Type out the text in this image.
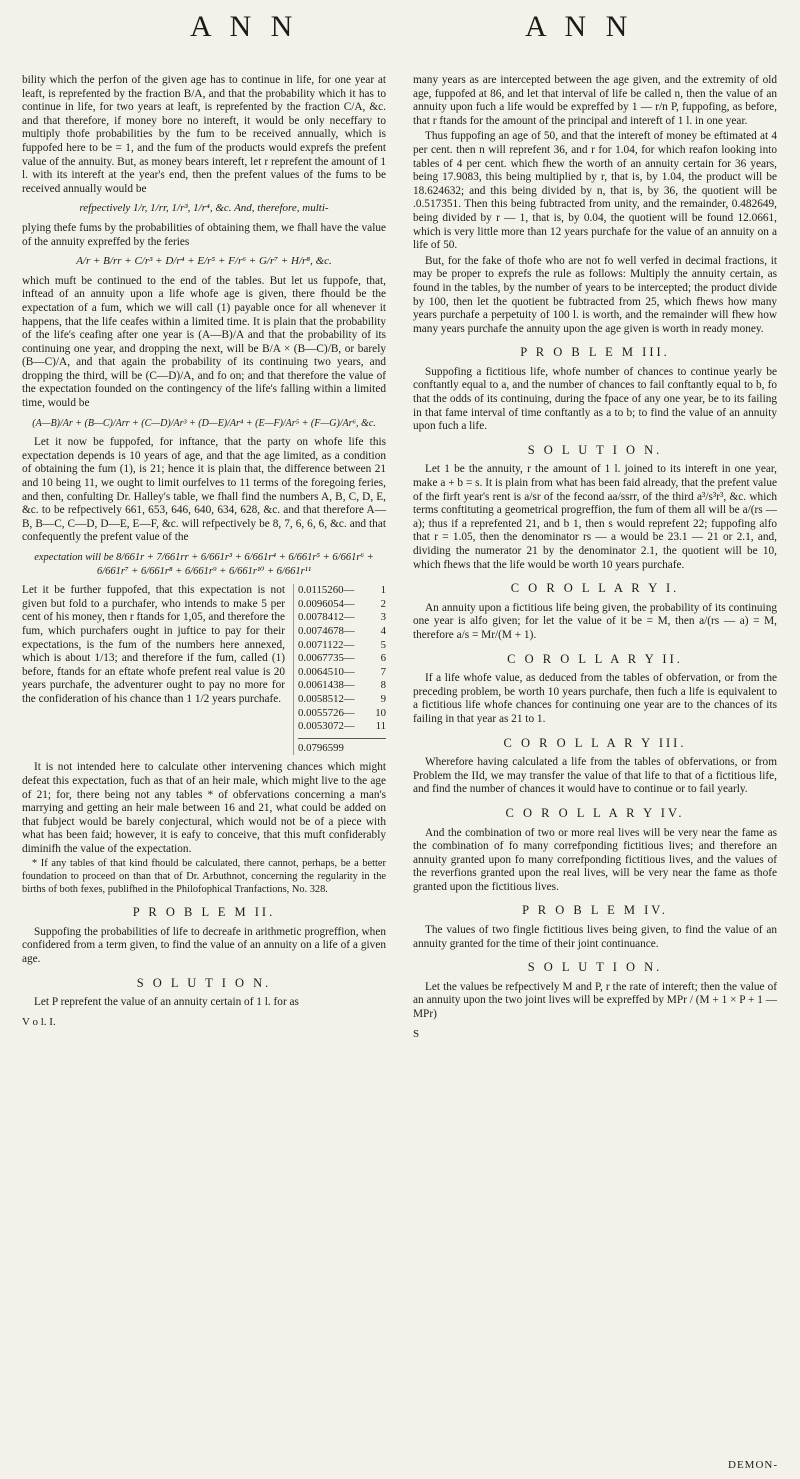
A N N	A N N

bility which the perfon of the given age has to continue in life, for one year at leaft, is reprefented by the fraction B/A, and that the probability which it has to continue in life, for two years at leaft, is reprefented by the fraction C/A, &c. and that therefore, if money bore no intereft, it would be only neceffary to multiply thofe probabilities by the fum to be received annually, which is fuppofed here to be = 1, and the fum of the products would exprefs the prefent value of the annuity. But, as money bears intereft, let r reprefent the amount of 1 l. with its intereft at the year's end, then the prefent values of the fums to be received annually would be

refpectively 1/r, 1/rr, 1/r³, 1/r⁴, &c. And, therefore, multi-

plying thefe fums by the probabilities of obtaining them, we fhall have the value of the annuity expreffed by the feries

A/r + B/rr + C/r³ + D/r⁴ + E/r⁵ + F/r⁶ + G/r⁷ + H/r⁸, &c.

which muft be continued to the end of the tables. But let us fuppofe, that, inftead of an annuity upon a life whofe age is given, there fhould be the expectation of a fum, which we will call (1) payable once for all whenever it happens, that the life ceafes within a limited time. It is plain that the probability of the life's ceafing after one year is (A—B)/A and that the probability of its continuing one year, and dropping the next, will be B/A × (B—C)/B, or barely (B—C)/A, and that again the probability of its continuing two years, and dropping the third, will be (C—D)/A, and fo on; and that therefore the value of the expectation founded on the contingency of the life's falling within a limited time, would be

(A—B)/Ar + (B—C)/Arr + (C—D)/Ar³ + (D—E)/Ar⁴ + (E—F)/Ar⁵ + (F—G)/Ar⁶, &c.

Let it now be fuppofed, for inftance, that the party on whofe life this expectation depends is 10 years of age, and that the age limited, as a condition of obtaining the fum (1), is 21; hence it is plain that, the difference between 21 and 10 being 11, we ought to limit ourfelves to 11 terms of the foregoing feries, and then, confulting Dr. Halley's table, we fhall find the numbers A, B, C, D, E, &c. to be refpectively 661, 653, 646, 640, 634, 628, &c. and that therefore A—B, B—C, C—D, D—E, E—F, &c. will refpectively be 8, 7, 6, 6, 6, &c. and that confequently the prefent value of the

expectation will be 8/661r + 7/661rr + 6/661r³ + 6/661r⁴ + 6/661r⁵ + 6/661r⁶ + 6/661r⁷ + 6/661r⁸ + 6/661r⁹ + 6/661r¹⁰ + 6/661r¹¹
Let it be further fuppofed, that this expectation is not given but fold to a purchafer, who intends to make 5 per cent of his money, then r ftands for 1,05, and therefore the fum, which purchafers ought in juftice to pay for their expectations, is the fum of the numbers here annexed, which is about 1/13; and therefore if the fum, called (1) before, ftands for an eftate whofe prefent real value is 20 years purchafe, the adventurer ought to pay no more for the confideration of his chance than 1 1/2 years purchafe.
0.0115260— 1
0.0096054— 2
0.0078412— 3
0.0074678— 4
0.0071122— 5
0.0067735— 6
0.0064510— 7
0.0061438— 8
0.0058512— 9
0.0055726— 10
0.0053072— 11
0.0796599

It is not intended here to calculate other intervening chances which might defeat this expectation, fuch as that of an heir male, which might live to the age of 21; for, there being not any tables * of obfervations concerning a man's marrying and getting an heir male between 16 and 21, what could be added on that fubject would be barely conjectural, which would not be of a piece with what has been faid; however, it is eafy to conceive, that this muft confiderably diminifh the value of the expectation.

* If any tables of that kind fhould be calculated, there cannot, perhaps, be a better foundation to proceed on than that of Dr. Arbuthnot, concerning the regularity in the births of both fexes, publifhed in the Philofophical Tranfactions, No. 328.

P R O B L E M II.

Suppofing the probabilities of life to decreafe in arithmetic progreffion, when confidered from a term given, to find the value of an annuity on a life of a given age.

S O L U T I O N.

Let P reprefent the value of an annuity certain of 1 l. for as

V o l. I.

many years as are intercepted between the age given, and the extremity of old age, fuppofed at 86, and let that interval of life be called n, then the value of an annuity upon fuch a life would be expreffed by 1 — r/n P, fuppofing, as before, that r ftands for the amount of the principal and intereft of 1 l. in one year.

Thus fuppofing an age of 50, and that the intereft of money be eftimated at 4 per cent. then n will reprefent 36, and r for 1.04, for which reafon looking into tables of 4 per cent. which fhew the worth of an annuity certain for 36 years, being 17.9083, this being multiplied by r, that is, by 1.04, the product will be 18.624632; and this being divided by n, that is, by 36, the quotient will be .0.517351. Then this being fubtracted from unity, and the remainder, 0.482649, being divided by r — 1, that is, by 0.04, the quotient will be found 12.0661, which is very little more than 12 years purchafe for the value of an annuity on a life of 50.

But, for the fake of thofe who are not fo well verfed in decimal fractions, it may be proper to exprefs the rule as follows: Multiply the annuity certain, as found in the tables, by the number of years to be intercepted; the product divide by 100, then let the quotient be fubtracted from 25, which fhews how many years purchafe a perpetuity of 100 l. is worth, and the remainder will fhew how many years purchafe the annuity upon the age given is worth in ready money.

P R O B L E M III.

Suppofing a fictitious life, whofe number of chances to continue yearly be conftantly equal to a, and the number of chances to fail conftantly equal to b, fo that the odds of its continuing, during the fpace of any one year, be to its failing in that fame interval of time conftantly as a to b; to find the value of an annuity upon fuch a life.

S O L U T I O N.

Let 1 be the annuity, r the amount of 1 l. joined to its intereft in one year, make a + b = s. It is plain from what has been faid already, that the prefent value of the firft year's rent is a/sr of the fecond aa/ssrr, of the third a³/s³r³, &c. which terms conftituting a geometrical progreffion, the fum of them all will be a/(rs — a); thus if a reprefented 21, and b 1, then s would reprefent 22; fuppofing alfo that r = 1.05, then the denominator rs — a would be 23.1 — 21 or 2.1, and, dividing the numerator 21 by the denominator 2.1, the quotient will be 10, which fhews that the life would be worth 10 years purchafe.

C O R O L L A R Y I.

An annuity upon a fictitious life being given, the probability of its continuing one year is alfo given; for let the value of it be = M, then a/(rs — a) = M, therefore a/s = Mr/(M + 1).

C O R O L L A R Y II.

If a life whofe value, as deduced from the tables of obfervation, or from the preceding problem, be worth 10 years purchafe, then fuch a life is equivalent to a fictitious life whofe chances for continuing one year are to the chances of its failing in that year as 21 to 1.

C O R O L L A R Y III.

Wherefore having calculated a life from the tables of obfervations, or from Problem the IId, we may transfer the value of that life to that of a fictitious life, and find the number of chances it would have to continue or to fail yearly.

C O R O L L A R Y IV.

And the combination of two or more real lives will be very near the fame as the combination of fo many correfponding fictitious lives; and therefore an annuity granted upon fo many correfponding fictitious lives, and the values of the reverfions granted upon the real lives, will be very near the fame as thofe granted upon the fictitious lives.

P R O B L E M IV.

The values of two fingle fictitious lives being given, to find the value of an annuity granted for the time of their joint continuance.

S O L U T I O N.

Let the values be refpectively M and P, r the rate of intereft; then the value of an annuity upon the two joint lives will be expreffed by MPr / (M + 1 × P + 1 — MPr)

S
DEMON-
